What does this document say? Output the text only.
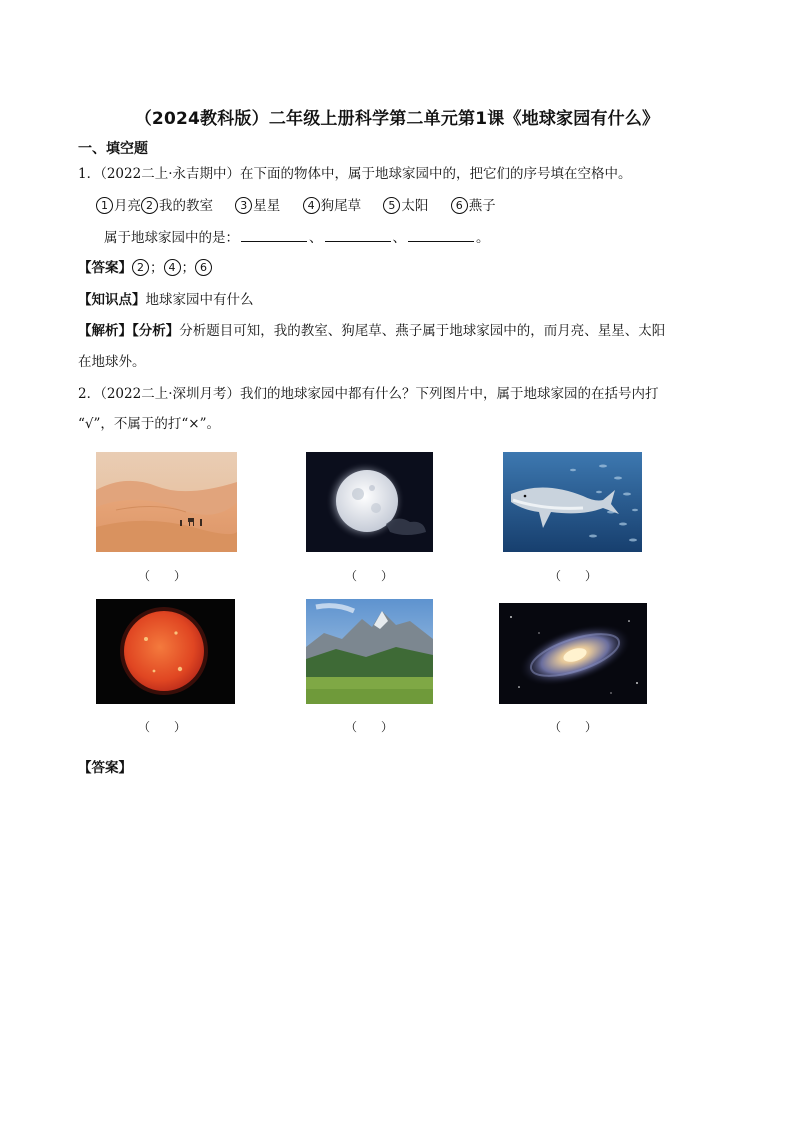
（2024教科版）二年级上册科学第二单元第1课《地球家园有什么》
一、填空题
1．（2022二上·永吉期中）在下面的物体中，属于地球家园中的，把它们的序号填在空格中。
1 月亮 2 我的教室 3 星星 4 狗尾草 5 太阳 6 燕子
属于地球家园中的是：	、	、	。
【答案】 2 ； 4 ； 6
【知识点】地球家园中有什么
【解析】【分析】分析题目可知，我的教室、狗尾草、燕子属于地球家园中的，而月亮、星星、太阳
在地球外。
2．（2022二上·深圳月考）我们的地球家园中都有什么？下列图片中，属于地球家园的在括号内打
“√”，不属于的打“×”。
（　　）	（　　）	（　　）
（　　）	（　　）	（　　）
【答案】
